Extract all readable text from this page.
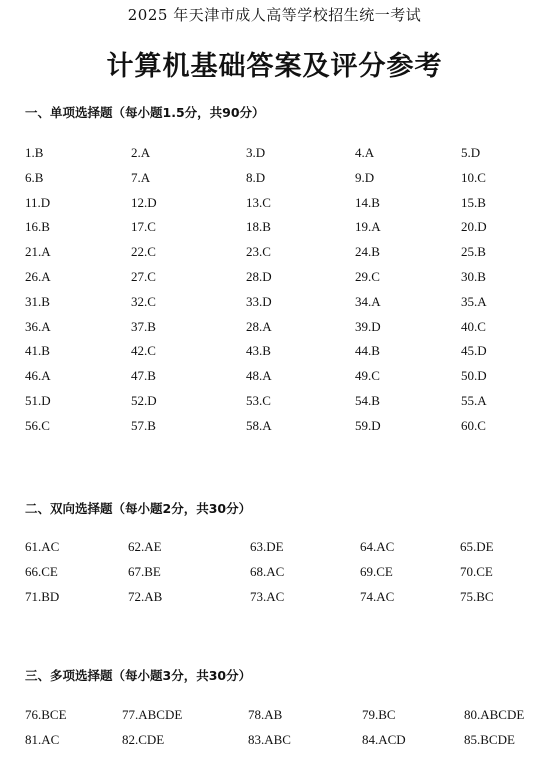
2025 年天津市成人高等学校招生统一考试
计算机基础答案及评分参考
一、单项选择题（每小题1.5分，共90分）
1.B	2.A	3.D	4.A	5.D
6.B	7.A	8.D	9.D	10.C
11.D	12.D	13.C	14.B	15.B
16.B	17.C	18.B	19.A	20.D
21.A	22.C	23.C	24.B	25.B
26.A	27.C	28.D	29.C	30.B
31.B	32.C	33.D	34.A	35.A
36.A	37.B	28.A	39.D	40.C
41.B	42.C	43.B	44.B	45.D
46.A	47.B	48.A	49.C	50.D
51.D	52.D	53.C	54.B	55.A
56.C	57.B	58.A	59.D	60.C
二、双向选择题（每小题2分，共30分）
61.AC	62.AE	63.DE	64.AC	65.DE
66.CE	67.BE	68.AC	69.CE	70.CE
71.BD	72.AB	73.AC	74.AC	75.BC
三、多项选择题（每小题3分，共30分）
76.BCE	77.ABCDE	78.AB	79.BC	80.ABCDE
81.AC	82.CDE	83.ABC	84.ACD	85.BCDE
